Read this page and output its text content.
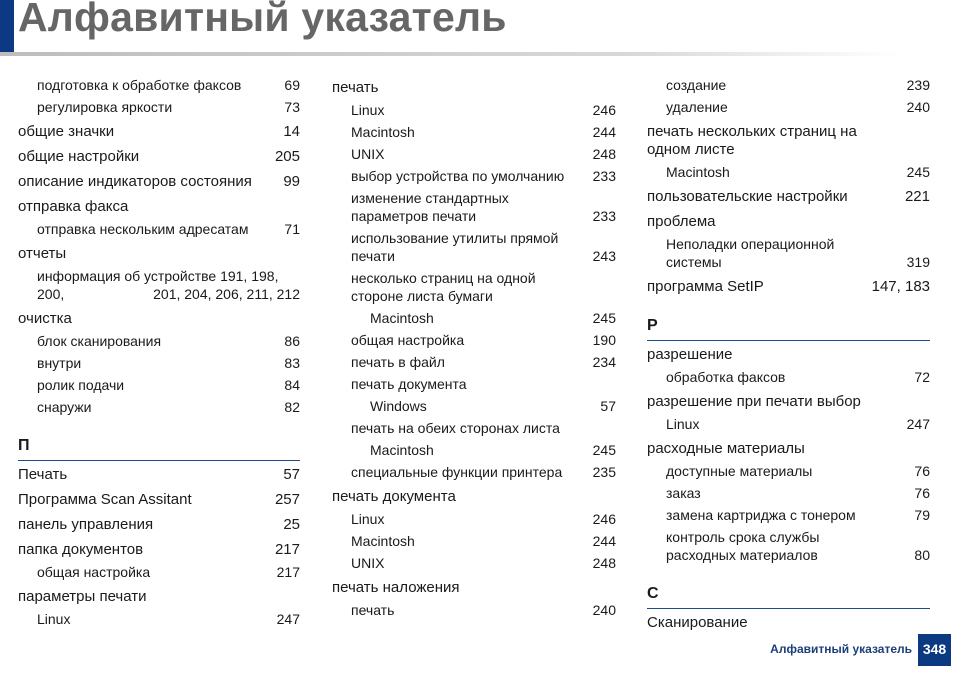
Алфавитный указатель
подготовка к обработке факсов	69
регулировка яркости	73
общие значки	14
общие настройки	205
описание индикаторов состояния 99
отправка факса
отправка нескольким адресатам	71
отчеты
информация об устройстве 191, 198, 200,	201, 204, 206, 211, 212
очистка
блок сканирования	86
внутри	83
ролик подачи	84
снаружи	82
П
Печать	57
Программа Scan Assitant	257
панель управления	25
папка документов	217
общая настройка	217
параметры печати
Linux	247
печать
Linux	246
Macintosh	244
UNIX	248
выбор устройства по умолчанию	233
изменение стандартных параметров печати	233
использование утилиты прямой печати	243
несколько страниц на одной стороне листа бумаги
Macintosh	245
общая настройка	190
печать в файл	234
печать документа
Windows	57
печать на обеих сторонах листа
Macintosh	245
специальные функции принтера	235
печать документа
Linux	246
Macintosh	244
UNIX	248
печать наложения
печать	240
создание	239
удаление	240
печать нескольких страниц на одном листе
Macintosh	245
пользовательские настройки	221
проблема
Неполадки операционной системы	319
программа SetIP	147, 183
Р
разрешение
обработка факсов	72
разрешение при печати выбор
Linux	247
расходные материалы
доступные материалы	76
заказ	76
замена картриджа с тонером	79
контроль срока службы расходных материалов	80
С
Сканирование
Алфавитный указатель 348
